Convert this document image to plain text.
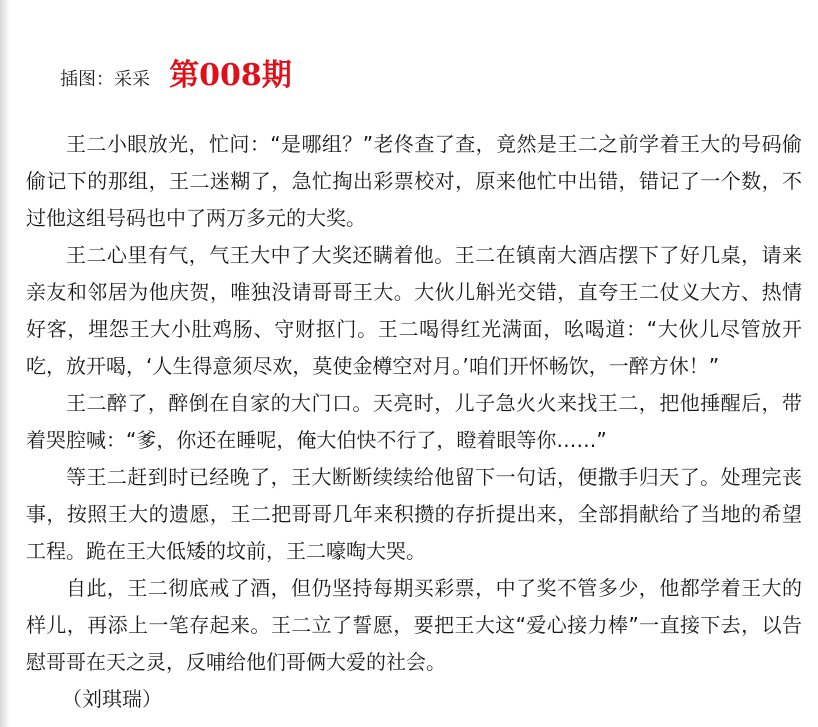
插图：采采 第008期

王二小眼放光，忙问：“是哪组？”老佟查了查，竟然是王二之前学着王大的号码偷偷记下的那组，王二迷糊了，急忙掏出彩票校对，原来他忙中出错，错记了一个数，不过他这组号码也中了两万多元的大奖。

王二心里有气，气王大中了大奖还瞒着他。王二在镇南大酒店摆下了好几桌，请来亲友和邻居为他庆贺，唯独没请哥哥王大。大伙儿斛光交错，直夸王二仗义大方、热情好客，埋怨王大小肚鸡肠、守财抠门。王二喝得红光满面，吆喝道：“大伙儿尽管放开吃，放开喝，‘人生得意须尽欢，莫使金樽空对月。’咱们开怀畅饮，一醉方休！”

王二醉了，醉倒在自家的大门口。天亮时，儿子急火火来找王二，把他捶醒后，带着哭腔喊：“爹，你还在睡呢，俺大伯快不行了，瞪着眼等你……”

等王二赶到时已经晚了，王大断断续续给他留下一句话，便撒手归天了。处理完丧事，按照王大的遗愿，王二把哥哥几年来积攒的存折提出来，全部捐献给了当地的希望工程。跪在王大低矮的坟前，王二嚎啕大哭。

自此，王二彻底戒了酒，但仍坚持每期买彩票，中了奖不管多少，他都学着王大的样儿，再添上一笔存起来。王二立了誓愿，要把王大这“爱心接力棒”一直接下去，以告慰哥哥在天之灵，反哺给他们哥俩大爱的社会。

（刘琪瑞）
